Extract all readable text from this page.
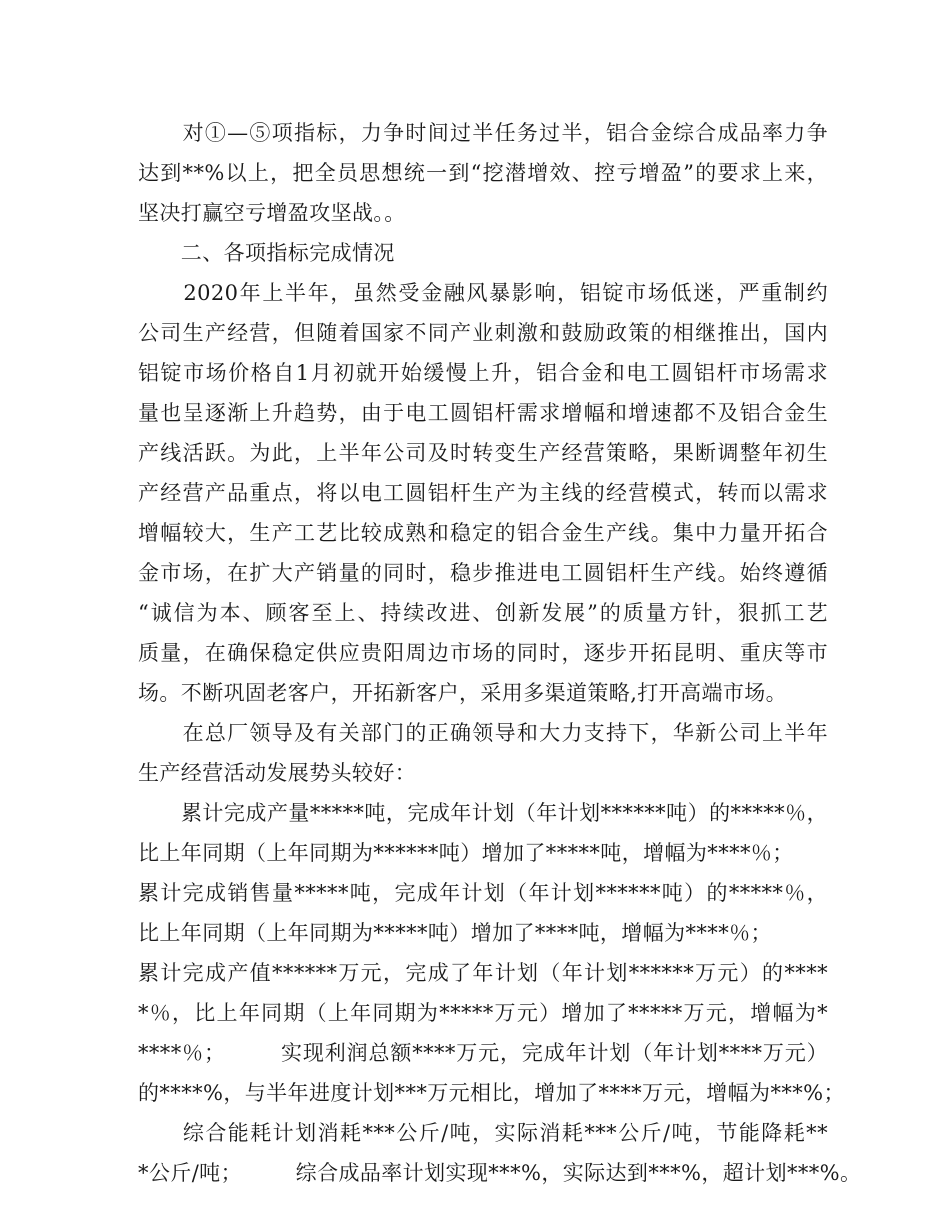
　　对①—⑤项指标，力争时间过半任务过半，铝合金综合成品率力争
达到**%以上，把全员思想统一到“挖潜增效、控亏增盈”的要求上来，
坚决打赢空亏增盈攻坚战。。
　　二、各项指标完成情况
　　2020年上半年，虽然受金融风暴影响，铝锭市场低迷，严重制约
公司生产经营，但随着国家不同产业刺激和鼓励政策的相继推出，国内
铝锭市场价格自1月初就开始缓慢上升，铝合金和电工圆铝杆市场需求
量也呈逐渐上升趋势，由于电工圆铝杆需求增幅和增速都不及铝合金生
产线活跃。为此，上半年公司及时转变生产经营策略，果断调整年初生
产经营产品重点，将以电工圆铝杆生产为主线的经营模式，转而以需求
增幅较大，生产工艺比较成熟和稳定的铝合金生产线。集中力量开拓合
金市场，在扩大产销量的同时，稳步推进电工圆铝杆生产线。始终遵循
“诚信为本、顾客至上、持续改进、创新发展”的质量方针，狠抓工艺
质量，在确保稳定供应贵阳周边市场的同时，逐步开拓昆明、重庆等市
场。不断巩固老客户，开拓新客户，采用多渠道策略,打开高端市场。
　　在总厂领导及有关部门的正确领导和大力支持下，华新公司上半年
生产经营活动发展势头较好：
　　累计完成产量*****吨，完成年计划（年计划******吨）的*****％，
比上年同期（上年同期为******吨）增加了*****吨，增幅为****％；
累计完成销售量*****吨，完成年计划（年计划******吨）的*****％，
比上年同期（上年同期为*****吨）增加了****吨，增幅为****％；
累计完成产值******万元，完成了年计划（年计划******万元）的****
*％，比上年同期（上年同期为*****万元）增加了*****万元，增幅为*
****％；　　　实现利润总额****万元，完成年计划（年计划****万元）
的****%，与半年进度计划***万元相比，增加了****万元，增幅为***%；
　　综合能耗计划消耗***公斤/吨，实际消耗***公斤/吨，节能降耗**
*公斤/吨；　　　综合成品率计划实现***%，实际达到***%，超计划***%。
